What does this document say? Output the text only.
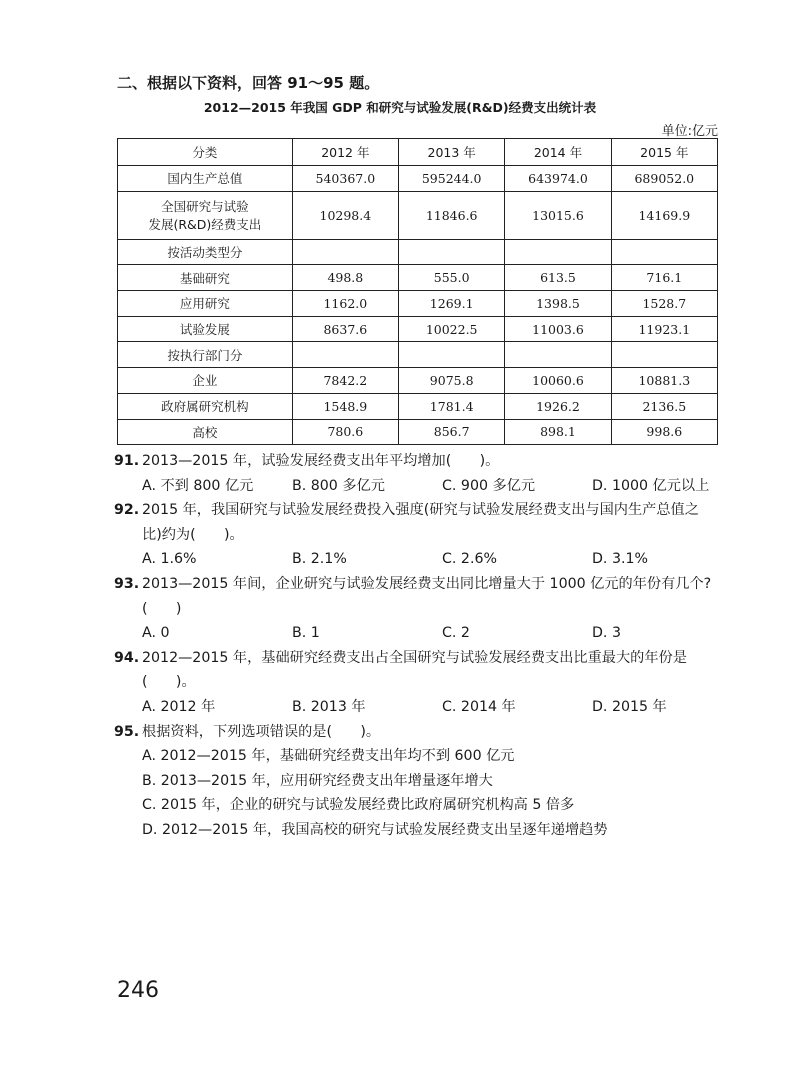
二、根据以下资料，回答 91～95 题。
2012—2015 年我国 GDP 和研究与试验发展(R&D)经费支出统计表
单位:亿元
分类	2012 年	2013 年	2014 年	2015 年
国内生产总值	540367.0	595244.0	643974.0	689052.0

全国研究与试验
发展(R&D)经费支出	10298.4	11846.6	13015.6	14169.9
按活动类型分				
基础研究	498.8	555.0	613.5	716.1
应用研究	1162.0	1269.1	1398.5	1528.7
试验发展	8637.6	10022.5	11003.6	11923.1
按执行部门分				
企业	7842.2	9075.8	10060.6	10881.3
政府属研究机构	1548.9	1781.4	1926.2	2136.5
高校	780.6	856.7	898.1	998.6
91. 2013—2015 年，试验发展经费支出年平均增加(　　)。
A. 不到 800 亿元	B. 800 多亿元	C. 900 多亿元	D. 1000 亿元以上
92. 2015 年，我国研究与试验发展经费投入强度(研究与试验发展经费支出与国内生产总值之
比)约为(　　)。
A. 1.6%	B. 2.1%	C. 2.6%	D. 3.1%
93. 2013—2015 年间，企业研究与试验发展经费支出同比增量大于 1000 亿元的年份有几个?
(　　)
A. 0	B. 1	C. 2	D. 3
94. 2012—2015 年，基础研究经费支出占全国研究与试验发展经费支出比重最大的年份是
(　　)。
A. 2012 年	B. 2013 年	C. 2014 年	D. 2015 年
95. 根据资料，下列选项错误的是(　　)。
A. 2012—2015 年，基础研究经费支出年均不到 600 亿元
B. 2013—2015 年，应用研究经费支出年增量逐年增大
C. 2015 年，企业的研究与试验发展经费比政府属研究机构高 5 倍多
D. 2012—2015 年，我国高校的研究与试验发展经费支出呈逐年递增趋势
246
